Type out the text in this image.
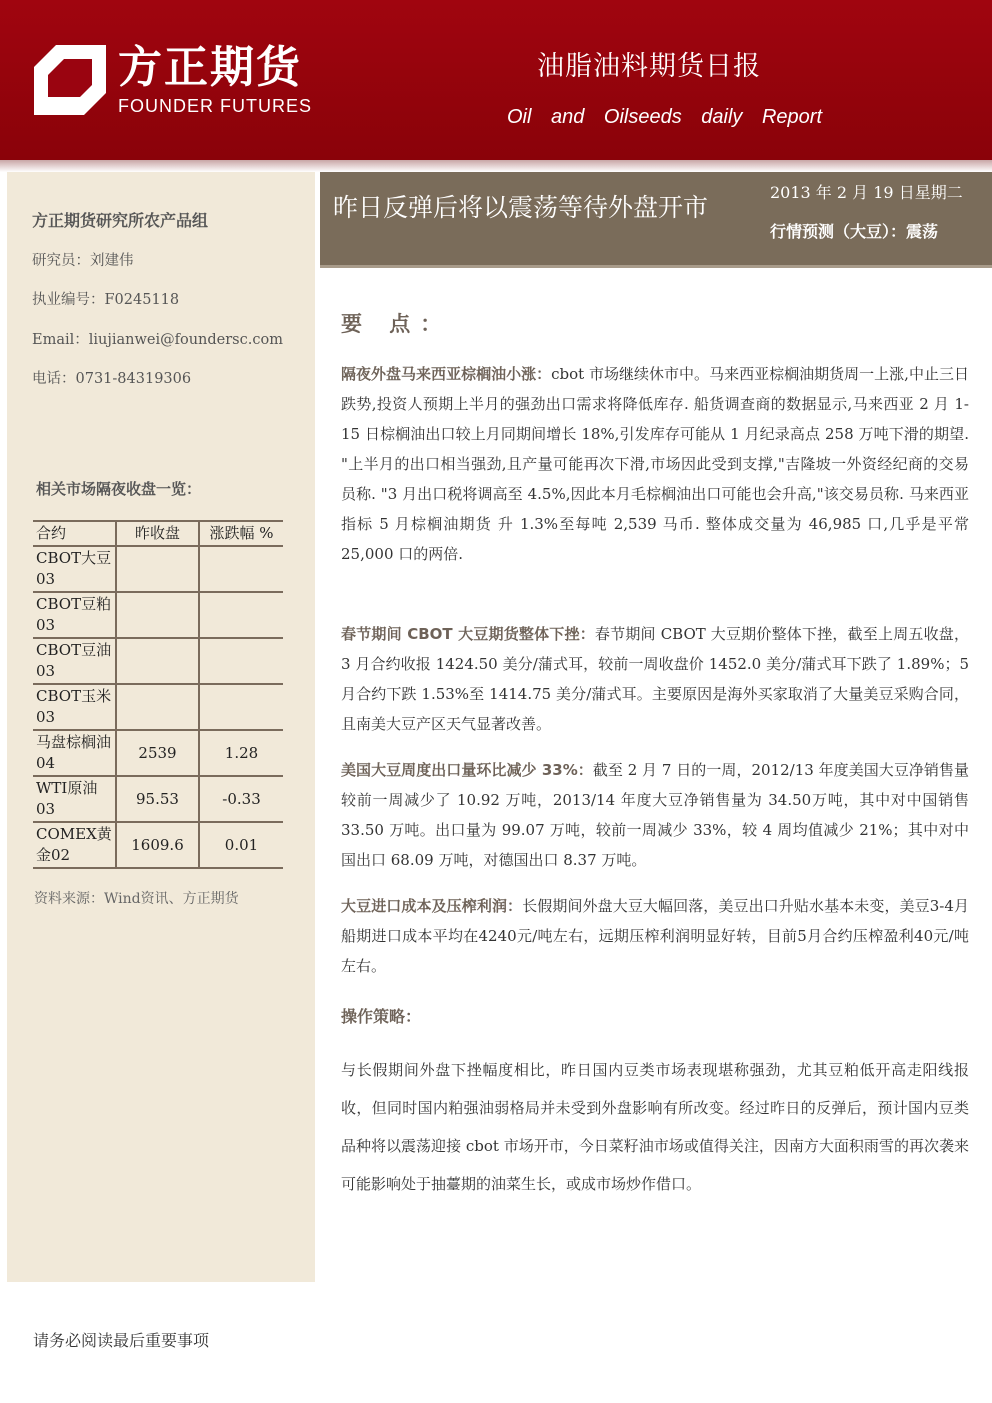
方正期货
FOUNDER FUTURES
油脂油料期货日报
Oil and Oilseeds daily Report
方正期货研究所农产品组
研究员：刘建伟
执业编号：F0245118
Email：liujianwei@foundersc.com
电话：0731-84319306
相关市场隔夜收盘一览：
合约	昨收盘	涨跌幅 %
CBOT大豆03		
CBOT豆粕03		
CBOT豆油03		
CBOT玉米03		
马盘棕榈油04	2539	1.28
WTI原油03	95.53	-0.33
COMEX黄金02	1609.6	0.01
资料来源：Wind资讯、方正期货
昨日反弹后将以震荡等待外盘开市
2013 年 2 月 19 日星期二
行情预测（大豆）：震荡
要 点：
隔夜外盘马来西亚棕榈油小涨：cbot 市场继续休市中。马来西亚棕榈油期货周一上涨,中止三日跌势,投资人预期上半月的强劲出口需求将降低库存. 船货调查商的数据显示,马来西亚 2 月 1-15 日棕榈油出口较上月同期间增长 18%,引发库存可能从 1 月纪录高点 258 万吨下滑的期望. "上半月的出口相当强劲,且产量可能再次下滑,市场因此受到支撑,"吉隆坡一外资经纪商的交易员称. "3 月出口税将调高至 4.5%,因此本月毛棕榈油出口可能也会升高,"该交易员称. 马来西亚指标 5 月棕榈油期货 升 1.3%至每吨 2,539 马币. 整体成交量为 46,985 口,几乎是平常 25,000 口的两倍.
春节期间 CBOT 大豆期货整体下挫：春节期间 CBOT 大豆期价整体下挫，截至上周五收盘，3 月合约收报 1424.50 美分/蒲式耳，较前一周收盘价 1452.0 美分/蒲式耳下跌了 1.89%；5 月合约下跌 1.53%至 1414.75 美分/蒲式耳。主要原因是海外买家取消了大量美豆采购合同，且南美大豆产区天气显著改善。
美国大豆周度出口量环比减少 33%：截至 2 月 7 日的一周，2012/13 年度美国大豆净销售量较前一周减少了 10.92 万吨，2013/14 年度大豆净销售量为 34.50万吨，其中对中国销售 33.50 万吨。出口量为 99.07 万吨，较前一周减少 33%，较 4 周均值减少 21%；其中对中国出口 68.09 万吨，对德国出口 8.37 万吨。
大豆进口成本及压榨利润：长假期间外盘大豆大幅回落，美豆出口升贴水基本未变，美豆3-4月船期进口成本平均在4240元/吨左右，远期压榨利润明显好转，目前5月合约压榨盈利40元/吨左右。
操作策略：
与长假期间外盘下挫幅度相比，昨日国内豆类市场表现堪称强劲，尤其豆粕低开高走阳线报收，但同时国内粕强油弱格局并未受到外盘影响有所改变。经过昨日的反弹后，预计国内豆类品种将以震荡迎接 cbot 市场开市，今日菜籽油市场或值得关注，因南方大面积雨雪的再次袭来可能影响处于抽薹期的油菜生长，或成市场炒作借口。
请务必阅读最后重要事项
